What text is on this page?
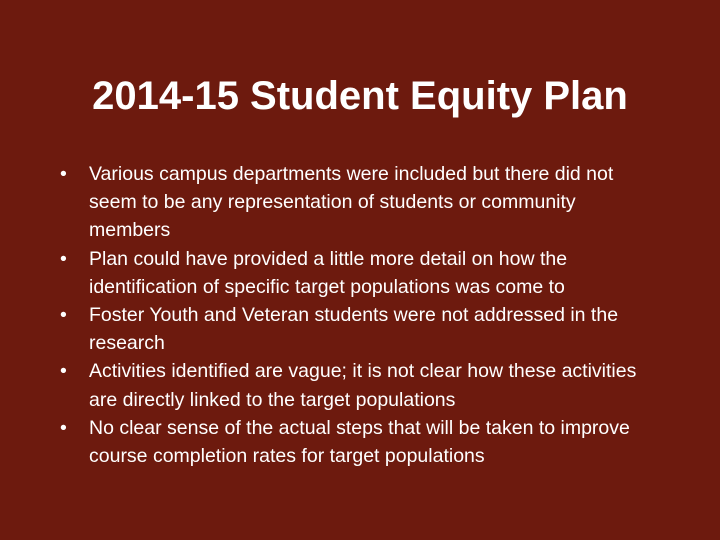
2014-15 Student Equity Plan
•	Various campus departments were included but there did not seem to be any representation of students or community members
•	Plan could have provided a little more detail on how the identification of specific target populations was come to
•	Foster Youth and Veteran students were not addressed in the research
•	Activities identified are vague; it is not clear how these activities are directly linked to the target populations
•	No clear sense of the actual steps that will be taken to improve course completion rates for target populations
